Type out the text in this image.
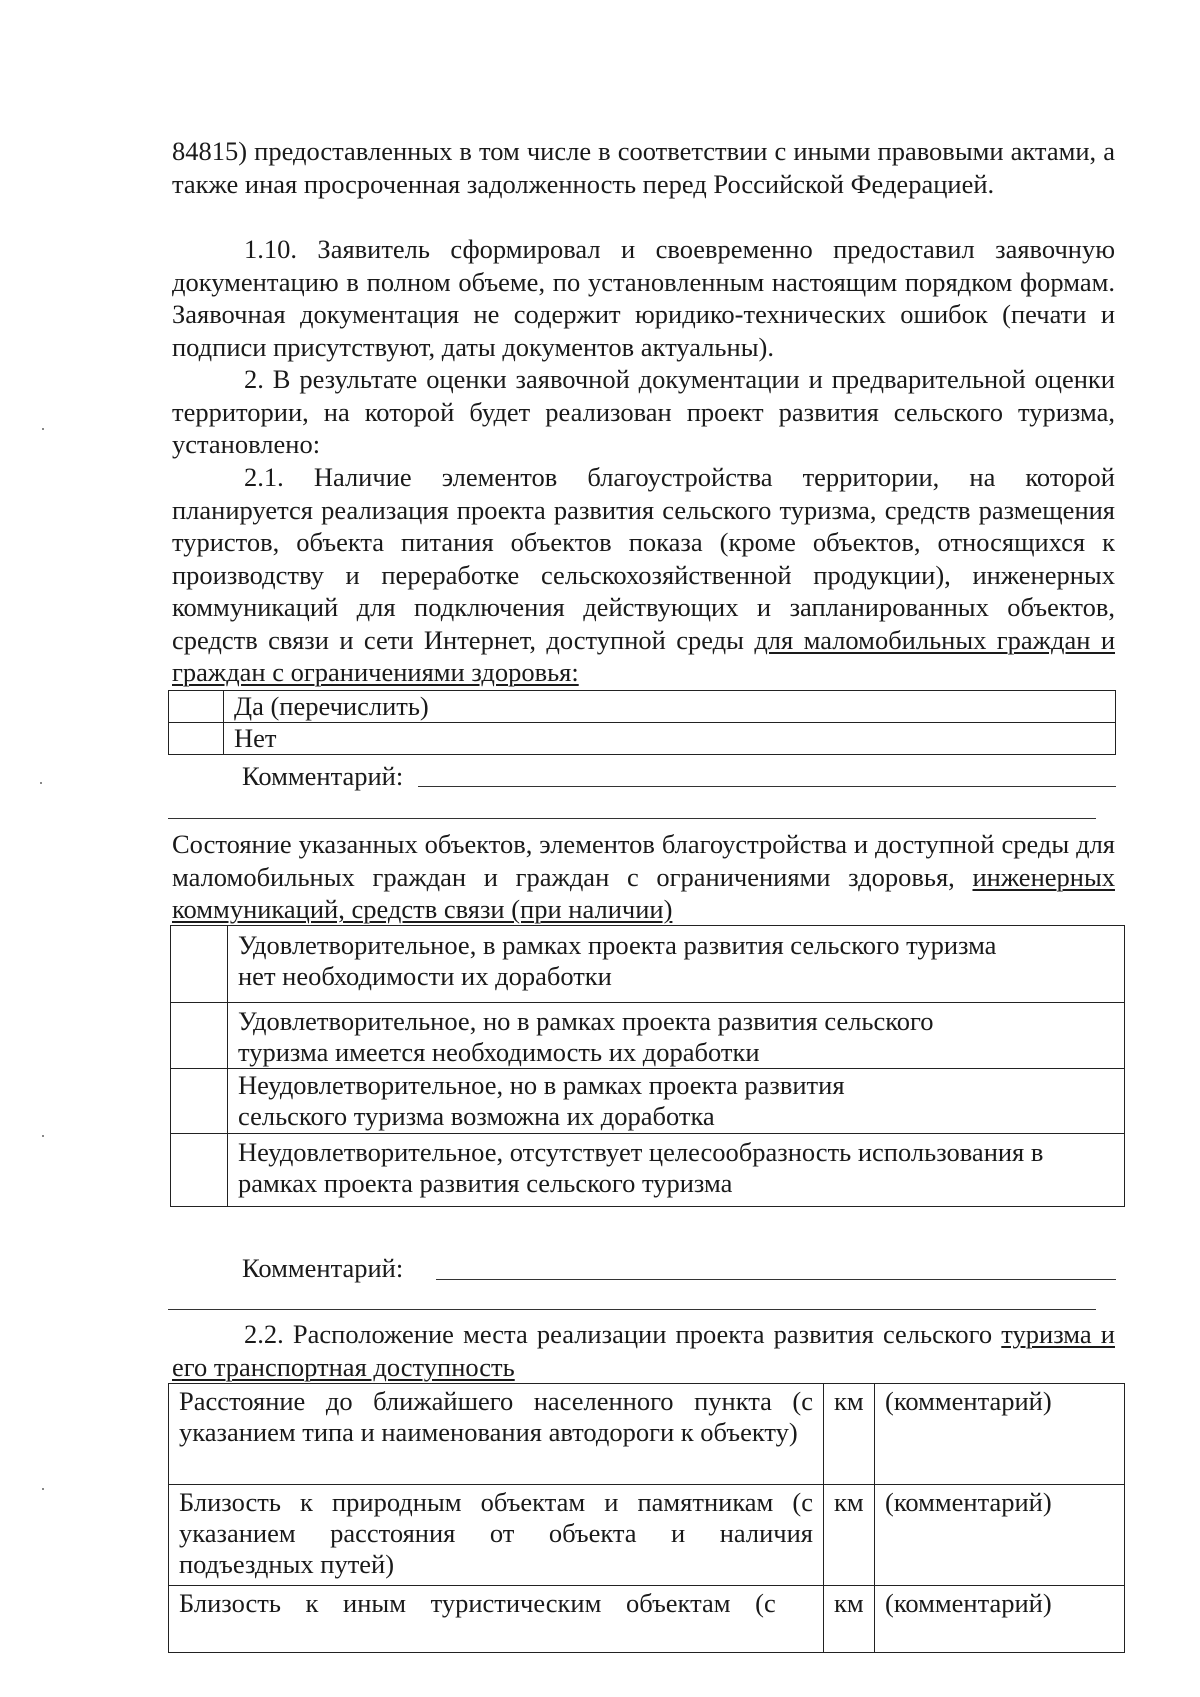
84815) предоставленных в том числе в соответствии с иными правовыми актами, а также иная просроченная задолженность перед Российской Федерацией.
1.10. Заявитель сформировал и своевременно предоставил заявочную документацию в полном объеме, по установленным настоящим порядком формам. Заявочная документация не содержит юридико-технических ошибок (печати и подписи присутствуют, даты документов актуальны).
2. В результате оценки заявочной документации и предварительной оценки территории, на которой будет реализован проект развития сельского туризма, установлено:
2.1. Наличие элементов благоустройства территории, на которой планируется реализация проекта развития сельского туризма, средств размещения туристов, объекта питания объектов показа (кроме объектов, относящихся к производству и переработке сельскохозяйственной продукции), инженерных коммуникаций для подключения действующих и запланированных объектов, средств связи и сети Интернет, доступной среды для маломобильных граждан и граждан с ограничениями здоровья:
	Да (перечислить)
	Нет
Комментарий:
Состояние указанных объектов, элементов благоустройства и доступной среды для маломобильных граждан и граждан с ограничениями здоровья, инженерных коммуникаций, средств связи (при наличии)

	Удовлетворительное, в рамках проекта развития сельского туризма
нет необходимости их доработки

	Удовлетворительное, но в рамках проекта развития сельского
туризма имеется необходимость их доработки

	Неудовлетворительное, но в рамках проекта развития
сельского туризма возможна их доработка

	Неудовлетворительное, отсутствует целесообразность использования в
рамках проекта развития сельского туризма
Комментарий:
2.2. Расположение места реализации проекта развития сельского туризма и его транспортная доступность
Расстояние до ближайшего населенного пункта (с указанием типа и наименования автодороги к объекту)	км	(комментарий)
Близость к природным объектам и памятникам (с указанием расстояния от объекта и наличия подъездных путей)	км	(комментарий)
Близость к иным туристическим объектам (с	км	(комментарий)
